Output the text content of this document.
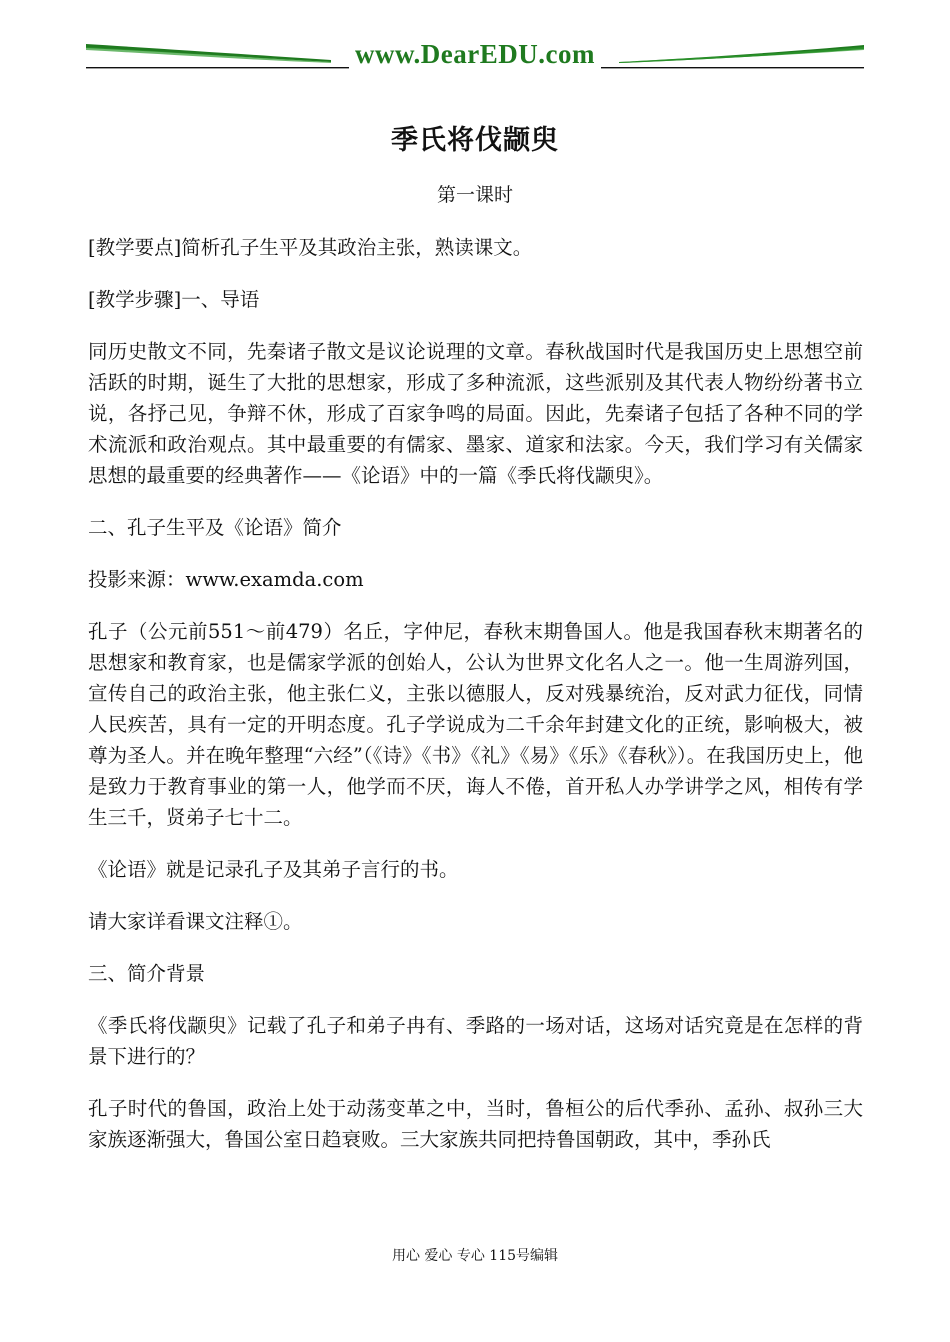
www.DearEDU.com
季氏将伐颛臾
第一课时

[教学要点]简析孔子生平及其政治主张，熟读课文。

[教学步骤]一、导语

同历史散文不同，先秦诸子散文是议论说理的文章。春秋战国时代是我国历史上思想空前活跃的时期，诞生了大批的思想家，形成了多种流派，这些派别及其代表人物纷纷著书立说，各抒己见，争辩不休，形成了百家争鸣的局面。因此，先秦诸子包括了各种不同的学术流派和政治观点。其中最重要的有儒家、墨家、道家和法家。今天，我们学习有关儒家思想的最重要的经典著作——《论语》中的一篇《季氏将伐颛臾》。

二、孔子生平及《论语》简介

投影来源：www.examda.com

孔子（公元前551～前479）名丘，字仲尼，春秋末期鲁国人。他是我国春秋末期著名的思想家和教育家，也是儒家学派的创始人，公认为世界文化名人之一。他一生周游列国，宣传自己的政治主张，他主张仁义，主张以德服人，反对残暴统治，反对武力征伐，同情人民疾苦，具有一定的开明态度。孔子学说成为二千余年封建文化的正统，影响极大，被尊为圣人。并在晚年整理“六经”（《诗》《书》《礼》《易》《乐》《春秋》）。在我国历史上，他是致力于教育事业的第一人，他学而不厌，诲人不倦，首开私人办学讲学之风，相传有学生三千，贤弟子七十二。

《论语》就是记录孔子及其弟子言行的书。

请大家详看课文注释①。

三、简介背景

《季氏将伐颛臾》记载了孔子和弟子冉有、季路的一场对话，这场对话究竟是在怎样的背景下进行的？

孔子时代的鲁国，政治上处于动荡变革之中，当时，鲁桓公的后代季孙、孟孙、叔孙三大家族逐渐强大，鲁国公室日趋衰败。三大家族共同把持鲁国朝政，其中，季孙氏

用心 爱心 专心 115号编辑
